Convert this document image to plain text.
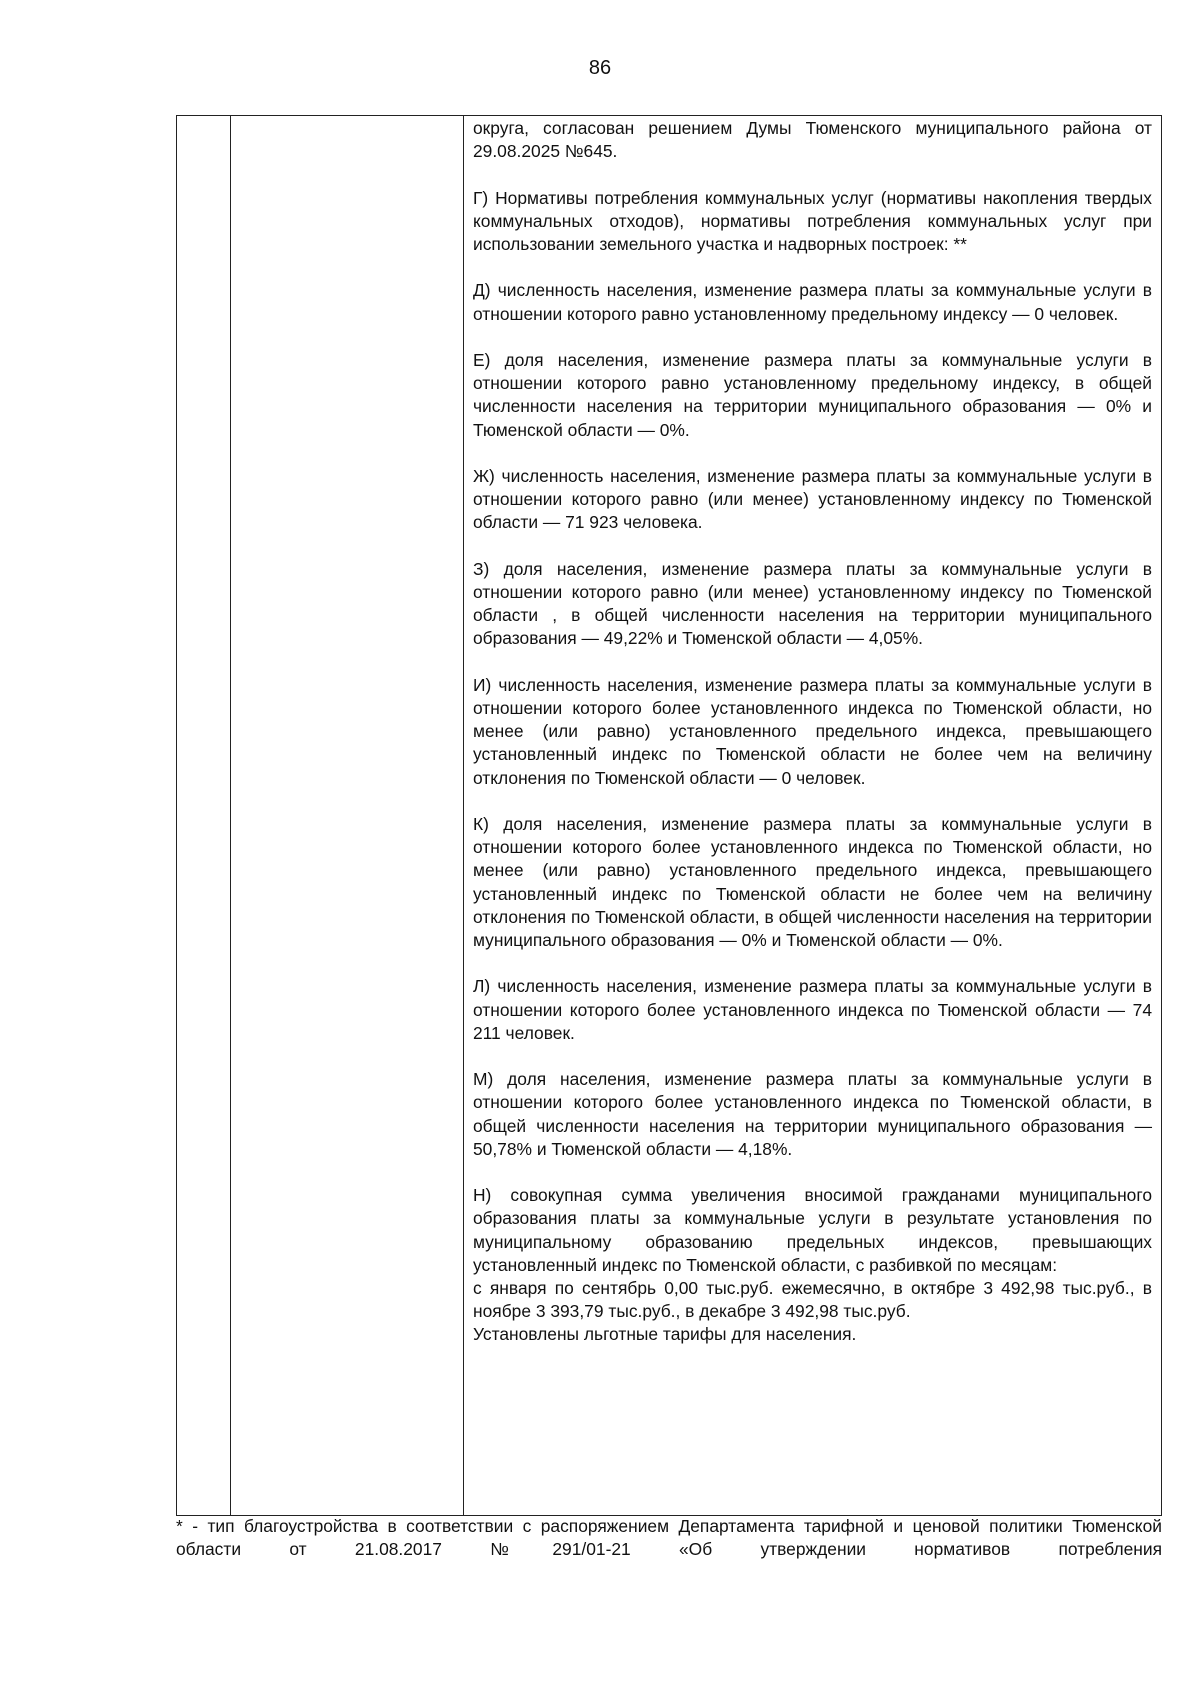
86

округа, согласован решением Думы Тюменского муниципального района от 29.08.2025 №645.

Г) Нормативы потребления коммунальных услуг (нормативы накопления твердых коммунальных отходов), нормативы потребления коммунальных услуг при использовании земельного участка и надворных построек: **

Д) численность населения, изменение размера платы за коммунальные услуги в отношении которого равно установленному предельному индексу — 0 человек.

Е) доля населения, изменение размера платы за коммунальные услуги в отношении которого равно установленному предельному индексу, в общей численности населения на территории муниципального образования — 0% и Тюменской области — 0%.

Ж) численность населения, изменение размера платы за коммунальные услуги в отношении которого равно (или менее) установленному индексу по Тюменской области — 71 923 человека.

З) доля населения, изменение размера платы за коммунальные услуги в отношении которого равно (или менее) установленному индексу по Тюменской области , в общей численности населения на территории муниципального образования — 49,22% и Тюменской области — 4,05%.

И) численность населения, изменение размера платы за коммунальные услуги в отношении которого более установленного индекса по Тюменской области, но менее (или равно) установленного предельного индекса, превышающего установленный индекс по Тюменской области не более чем на величину отклонения по Тюменской области — 0 человек.

К) доля населения, изменение размера платы за коммунальные услуги в отношении которого более установленного индекса по Тюменской области, но менее (или равно) установленного предельного индекса, превышающего установленный индекс по Тюменской области не более чем на величину отклонения по Тюменской области, в общей численности населения на территории муниципального образования — 0% и Тюменской области — 0%.

Л) численность населения, изменение размера платы за коммунальные услуги в отношении которого более установленного индекса по Тюменской области — 74 211 человек.

М) доля населения, изменение размера платы за коммунальные услуги в отношении которого более установленного индекса по Тюменской области, в общей численности населения на территории муниципального образования — 50,78% и Тюменской области — 4,18%.

Н) совокупная сумма увеличения вносимой гражданами муниципального образования платы за коммунальные услуги в результате установления по муниципальному образованию предельных индексов, превышающих установленный индекс по Тюменской области, с разбивкой по месяцам:

с января по сентябрь 0,00 тыс.руб. ежемесячно, в октябре 3 492,98 тыс.руб., в ноябре 3 393,79 тыс.руб., в декабре 3 492,98 тыс.руб.

Установлены льготные тарифы для населения.

* - тип благоустройства в соответствии с распоряжением Департамента тарифной и ценовой политики Тюменской области от 21.08.2017 №291/01-21 «Об утверждении нормативов потребления
